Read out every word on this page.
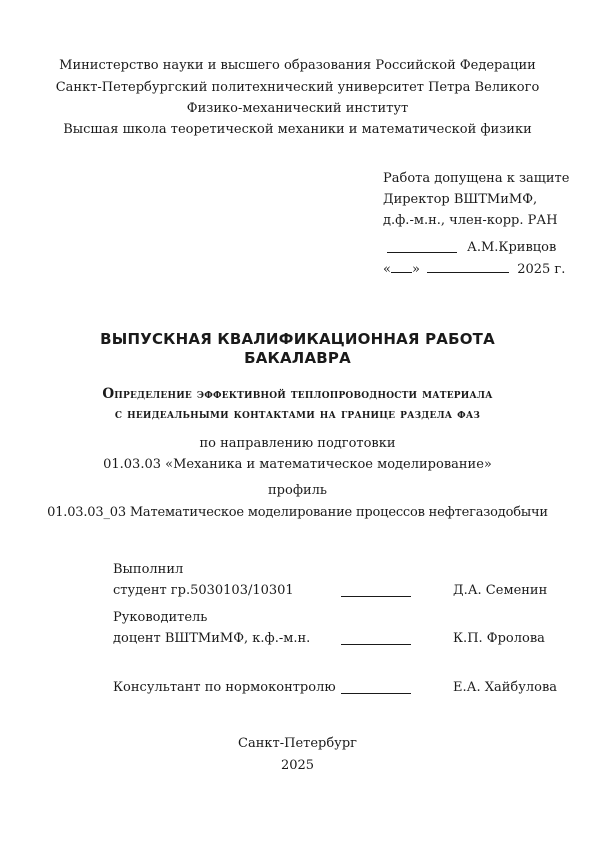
Министерство науки и высшего образования Российской Федерации
Санкт-Петербургский политехнический университет Петра Великого
Физико-механический институт
Высшая школа теоретической механики и математической физики
Работа допущена к защите
Директор ВШТМиМФ,
д.ф.-м.н., член-корр. РАН
А.М.Кривцов
« »	2025 г.
ВЫПУСКНАЯ КВАЛИФИКАЦИОННАЯ РАБОТА
БАКАЛАВРА
Определение эффективной теплопроводности материала
с неидеальными контактами на границе раздела фаз
по направлению подготовки
01.03.03 «Механика и математическое моделирование»
профиль
01.03.03_03 Математическое моделирование процессов нефтегазодобычи
Выполнил
студент гр.5030103/10301	Д.А. Семенин
Руководитель
доцент ВШТМиМФ, к.ф.-м.н.	К.П. Фролова
Консультант по нормоконтролю	Е.А. Хайбулова
Санкт-Петербург
2025
